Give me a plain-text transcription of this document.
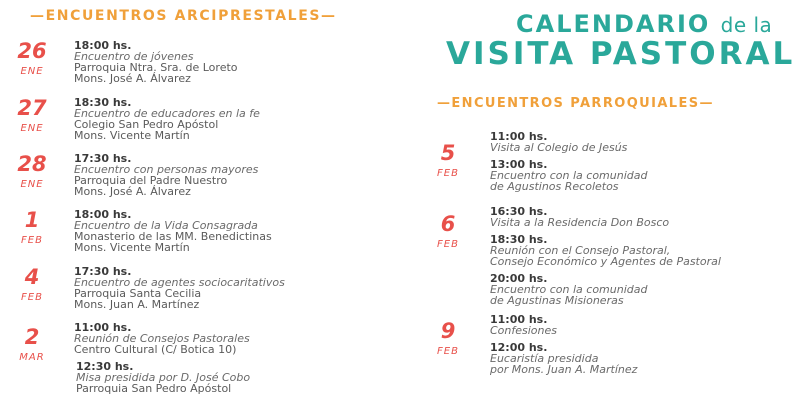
—ENCUENTROS ARCIPRESTALES—	CALENDARIO de la
VISITA PASTORAL
—ENCUENTROS PARROQUIALES—
26
ENE
18:00 hs.
Encuentro de jóvenes
Parroquia Ntra. Sra. de Loreto
Mons. José A. Álvarez
27
ENE
18:30 hs.
Encuentro de educadores en la fe
Colegio San Pedro Apóstol
Mons. Vicente Martín
28
ENE
17:30 hs.
Encuentro con personas mayores
Parroquia del Padre Nuestro
Mons. José A. Álvarez
1
FEB
18:00 hs.
Encuentro de la Vida Consagrada
Monasterio de las MM. Benedictinas
Mons. Vicente Martín
4
FEB
17:30 hs.
Encuentro de agentes sociocaritativos
Parroquia Santa Cecilia
Mons. Juan A. Martínez
2
MAR
11:00 hs.
Reunión de Consejos Pastorales
Centro Cultural (C/ Botica 10)
12:30 hs.
Misa presidida por D. José Cobo
Parroquia San Pedro Apóstol
5
FEB
11:00 hs.
Visita al Colegio de Jesús
13:00 hs.
Encuentro con la comunidad
de Agustinos Recoletos
6
FEB
16:30 hs.
Visita a la Residencia Don Bosco
18:30 hs.
Reunión con el Consejo Pastoral,
Consejo Económico y Agentes de Pastoral
20:00 hs.
Encuentro con la comunidad
de Agustinas Misioneras
9
FEB
11:00 hs.
Confesiones
12:00 hs.
Eucaristía presidida
por Mons. Juan A. Martínez
